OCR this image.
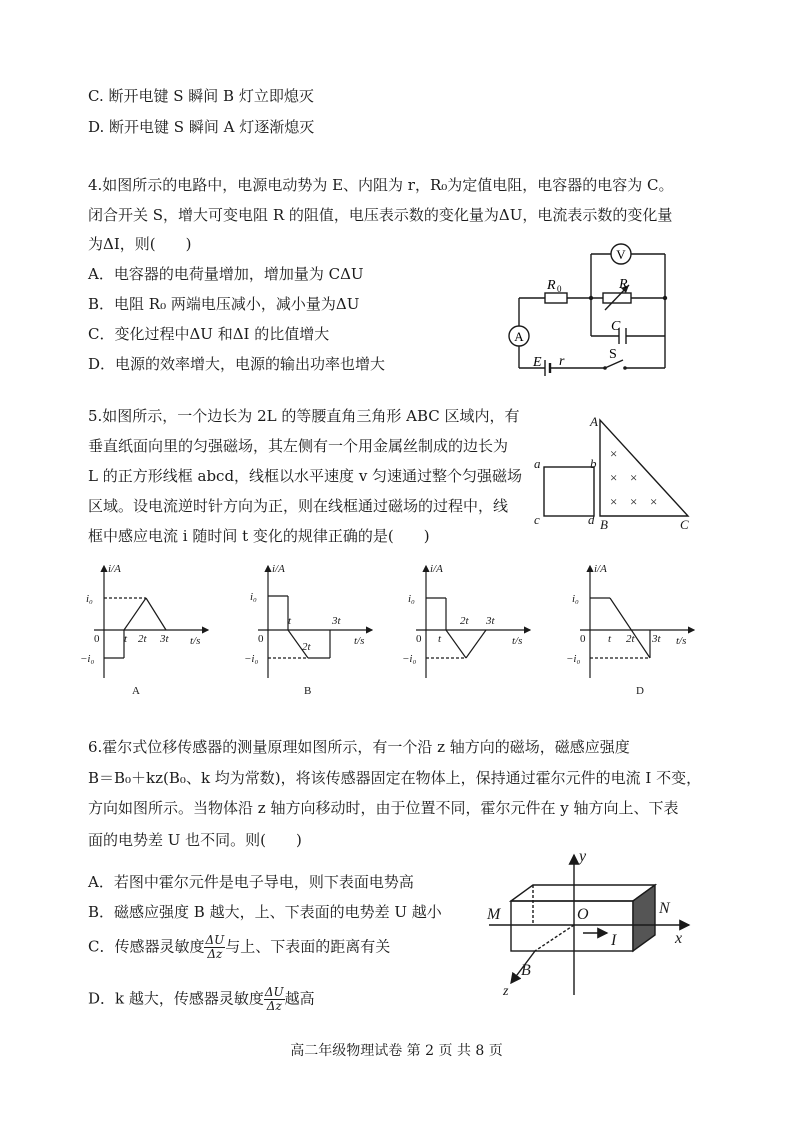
C. 断开电键 S 瞬间 B 灯立即熄灭
D. 断开电键 S 瞬间 A 灯逐渐熄灭
4.如图所示的电路中，电源电动势为 E、内阻为 r，R₀为定值电阻，电容器的电容为 C。
闭合开关 S，增大可变电阻 R 的阻值，电压表示数的变化量为ΔU，电流表示数的变化量
为ΔI，则(　　)
A．电容器的电荷量增加，增加量为 CΔU
B．电阻 R₀ 两端电压减小，减小量为ΔU
C．变化过程中ΔU 和ΔI 的比值增大
D．电源的效率增大，电源的输出功率也增大
V
A
R 0	R
C
S
E r
5.如图所示，一个边长为 2L 的等腰直角三角形 ABC 区域内，有
垂直纸面向里的匀强磁场，其左侧有一个用金属丝制成的边长为
L 的正方形线框 abcd，线框以水平速度 v 匀速通过整个匀强磁场
区域。设电流逆时针方向为正，则在线框通过磁场的过程中，线
框中感应电流 i 随时间 t 变化的规律正确的是(　　)
×
× ×
× × ×
A
B	C
a	b
c	d
i/A
t/s
0
i₀
−i₀
t 2t 3t
A
i/A
t/s
0
i₀
−i₀
t
2t
3t
B
i/A
t/s
0
i₀
−i₀
t
2t 3t
i/A
t/s
0
i₀
−i₀
t 2t 3t
D
6.霍尔式位移传感器的测量原理如图所示，有一个沿 z 轴方向的磁场，磁感应强度
B＝B₀＋kz(B₀、k 均为常数)，将该传感器固定在物体上，保持通过霍尔元件的电流 I 不变，
方向如图所示。当物体沿 z 轴方向移动时，由于位置不同，霍尔元件在 y 轴方向上、下表
面的电势差 U 也不同。则(　　)
A．若图中霍尔元件是电子导电，则下表面电势高
B．磁感应强度 B 越大，上、下表面的电势差 U 越小
C．传感器灵敏度 $\frac{\Delta U}{\Delta z}$ 与上、下表面的距离有关
D．k 越大，传感器灵敏度 $\frac{\Delta U}{\Delta z}$ 越高
y
x
z
M	N
O
I
B
高二年级物理试卷 第 2 页 共 8 页
